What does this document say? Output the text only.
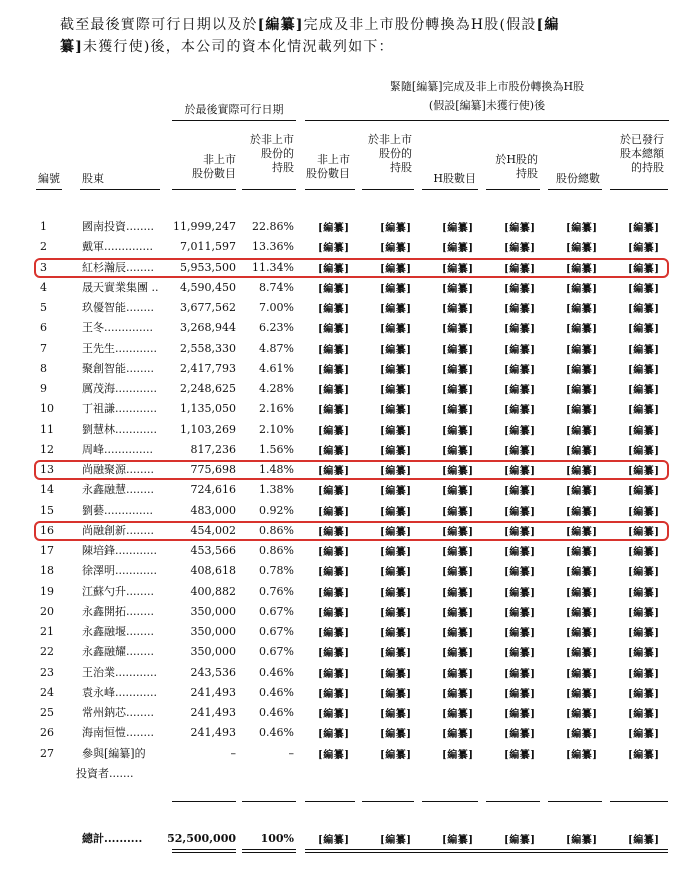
截至最後實際可行日期以及於[編纂]完成及非上市股份轉換為H股(假設[編
纂]未獲行使)後，本公司的資本化情況載列如下：
於最後實際可行日期
緊隨[編纂]完成及非上市股份轉換為H股
(假設[編纂]未獲行使)後
編號 股東
非上市
股份數目
於非上市
股份的
持股
非上市
股份數目
於非上市
股份的
持股
H股數目
於H股的
持股	股份總數
於已發行
股本總額
的持股
1	國南投資........	11,999,247	22.86% [編纂]	[編纂]	[編纂]	[編纂]	[編纂]	[編纂]
2	戴軍..............	7,011,597	13.36% [編纂]	[編纂]	[編纂]	[編纂]	[編纂]	[編纂]
3	紅杉瀚辰........	5,953,500	11.34% [編纂]	[編纂]	[編纂]	[編纂]	[編纂]	[編纂]
4	晟天實業集團 ..	4,590,450	8.74% [編纂]	[編纂]	[編纂]	[編纂]	[編纂]	[編纂]
5	玖優智能........	3,677,562	7.00% [編纂]	[編纂]	[編纂]	[編纂]	[編纂]	[編纂]
6	王冬..............	3,268,944	6.23% [編纂]	[編纂]	[編纂]	[編纂]	[編纂]	[編纂]
7	王先生............	2,558,330	4.87% [編纂]	[編纂]	[編纂]	[編纂]	[編纂]	[編纂]
8	聚創智能........	2,417,793	4.61% [編纂]	[編纂]	[編纂]	[編纂]	[編纂]	[編纂]
9	厲茂海............	2,248,625	4.28% [編纂]	[編纂]	[編纂]	[編纂]	[編纂]	[編纂]
10	丁祖謙............	1,135,050	2.16% [編纂]	[編纂]	[編纂]	[編纂]	[編纂]	[編纂]
11	劉慧林............	1,103,269	2.10% [編纂]	[編纂]	[編纂]	[編纂]	[編纂]	[編纂]
12	周峰..............	817,236	1.56% [編纂]	[編纂]	[編纂]	[編纂]	[編纂]	[編纂]
13	尚融聚源........	775,698	1.48% [編纂]	[編纂]	[編纂]	[編纂]	[編纂]	[編纂]
14	永鑫融慧........	724,616	1.38% [編纂]	[編纂]	[編纂]	[編纂]	[編纂]	[編纂]
15	劉藝..............	483,000	0.92% [編纂]	[編纂]	[編纂]	[編纂]	[編纂]	[編纂]
16	尚融創新........	454,002	0.86% [編纂]	[編纂]	[編纂]	[編纂]	[編纂]	[編纂]
17	陳培鋒............	453,566	0.86% [編纂]	[編纂]	[編纂]	[編纂]	[編纂]	[編纂]
18	徐澤明............	408,618	0.78% [編纂]	[編纂]	[編纂]	[編纂]	[編纂]	[編纂]
19	江蘇勺升........	400,882	0.76% [編纂]	[編纂]	[編纂]	[編纂]	[編纂]	[編纂]
20	永鑫開拓........	350,000	0.67% [編纂]	[編纂]	[編纂]	[編纂]	[編纂]	[編纂]
21	永鑫融堰........	350,000	0.67% [編纂]	[編纂]	[編纂]	[編纂]	[編纂]	[編纂]
22	永鑫融耀........	350,000	0.67% [編纂]	[編纂]	[編纂]	[編纂]	[編纂]	[編纂]
23	王治業............	243,536	0.46% [編纂]	[編纂]	[編纂]	[編纂]	[編纂]	[編纂]
24	袁永峰............	241,493	0.46% [編纂]	[編纂]	[編纂]	[編纂]	[編纂]	[編纂]
25	常州鈉芯........	241,493	0.46% [編纂]	[編纂]	[編纂]	[編纂]	[編纂]	[編纂]
26	海南恒愷........	241,493	0.46% [編纂]	[編纂]	[編纂]	[編纂]	[編纂]	[編纂]
27	參與[編纂]的	–	– [編纂]	[編纂]	[編纂]	[編纂]	[編纂]	[編纂]
投資者.......
總計..........	52,500,000	100% [編纂]	[編纂]	[編纂]	[編纂]	[編纂]	[編纂]
